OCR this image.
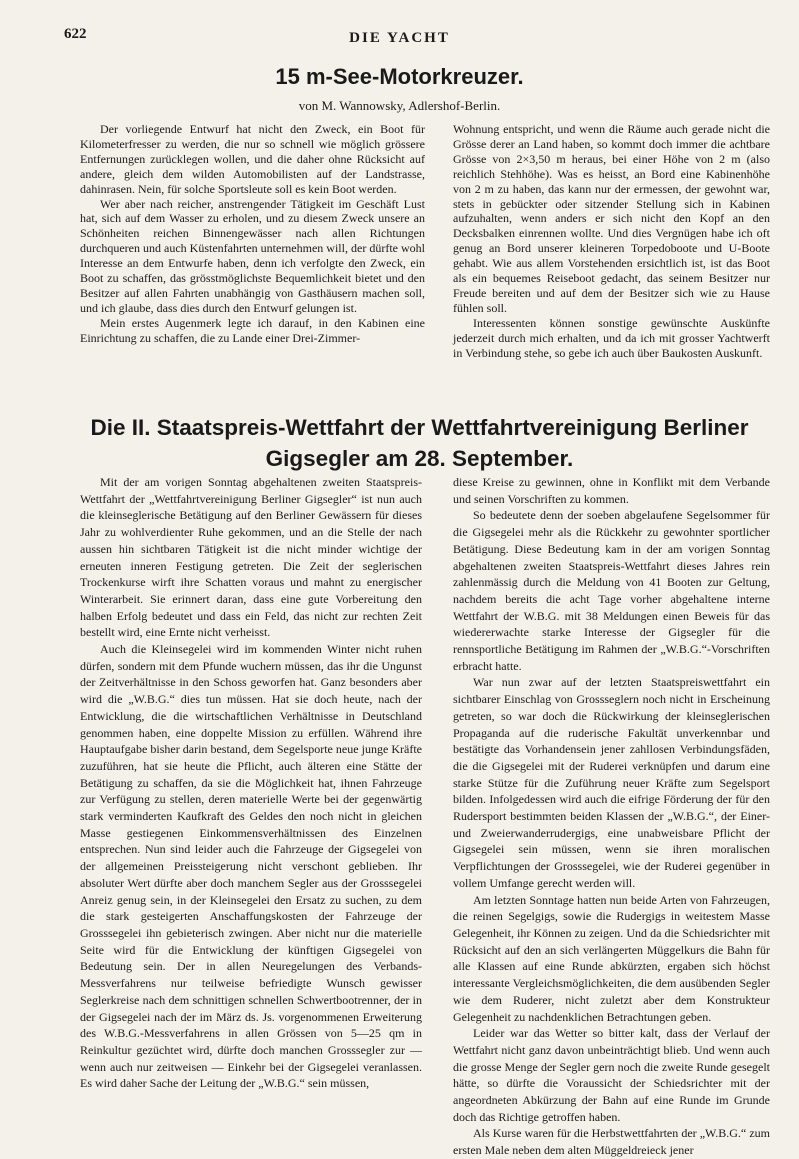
622	DIE YACHT
15 m-See-Motorkreuzer.
von M. Wannowsky, Adlershof-Berlin.

Der vorliegende Entwurf hat nicht den Zweck, ein Boot für Kilometerfresser zu werden, die nur so schnell wie möglich grössere Entfernungen zurücklegen wollen, und die daher ohne Rücksicht auf andere, gleich dem wilden Automobilisten auf der Landstrasse, dahinrasen. Nein, für solche Sportsleute soll es kein Boot werden.

Wer aber nach reicher, anstrengender Tätigkeit im Geschäft Lust hat, sich auf dem Wasser zu erholen, und zu diesem Zweck unsere an Schönheiten reichen Binnengewässer nach allen Richtungen durchqueren und auch Küstenfahrten unternehmen will, der dürfte wohl Interesse an dem Entwurfe haben, denn ich verfolgte den Zweck, ein Boot zu schaffen, das grösstmöglichste Bequemlichkeit bietet und den Besitzer auf allen Fahrten unabhängig von Gasthäusern machen soll, und ich glaube, dass dies durch den Entwurf gelungen ist.

Mein erstes Augenmerk legte ich darauf, in den Kabinen eine Einrichtung zu schaffen, die zu Lande einer Drei-Zimmer-

Wohnung entspricht, und wenn die Räume auch gerade nicht die Grösse derer an Land haben, so kommt doch immer die achtbare Grösse von 2×3,50 m heraus, bei einer Höhe von 2 m (also reichlich Stehhöhe). Was es heisst, an Bord eine Kabinenhöhe von 2 m zu haben, das kann nur der ermessen, der gewohnt war, stets in gebückter oder sitzender Stellung sich in Kabinen aufzuhalten, wenn anders er sich nicht den Kopf an den Decksbalken einrennen wollte. Und dies Vergnügen habe ich oft genug an Bord unserer kleineren Torpedoboote und U-Boote gehabt. Wie aus allem Vorstehenden ersichtlich ist, ist das Boot als ein bequemes Reiseboot gedacht, das seinem Besitzer nur Freude bereiten und auf dem der Besitzer sich wie zu Hause fühlen soll.

Interessenten können sonstige gewünschte Auskünfte jederzeit durch mich erhalten, und da ich mit grosser Yachtwerft in Verbindung stehe, so gebe ich auch über Baukosten Auskunft.

Die II. Staatspreis-Wettfahrt der Wettfahrtvereinigung Berliner Gigsegler am 28. September.

Mit der am vorigen Sonntag abgehaltenen zweiten Staatspreis-Wettfahrt der „Wettfahrtvereinigung Berliner Gigsegler“ ist nun auch die kleinseglerische Betätigung auf den Berliner Gewässern für dieses Jahr zu wohlverdienter Ruhe gekommen, und an die Stelle der nach aussen hin sichtbaren Tätigkeit ist die nicht minder wichtige der erneuten inneren Festigung getreten. Die Zeit der seglerischen Trockenkurse wirft ihre Schatten voraus und mahnt zu energischer Winterarbeit. Sie erinnert daran, dass eine gute Vorbereitung den halben Erfolg bedeutet und dass ein Feld, das nicht zur rechten Zeit bestellt wird, eine Ernte nicht verheisst.

Auch die Kleinsegelei wird im kommenden Winter nicht ruhen dürfen, sondern mit dem Pfunde wuchern müssen, das ihr die Ungunst der Zeitverhältnisse in den Schoss geworfen hat. Ganz besonders aber wird die „W.B.G.“ dies tun müssen. Hat sie doch heute, nach der Entwicklung, die die wirtschaftlichen Verhältnisse in Deutschland genommen haben, eine doppelte Mission zu erfüllen. Während ihre Hauptaufgabe bisher darin bestand, dem Segelsporte neue junge Kräfte zuzuführen, hat sie heute die Pflicht, auch älteren eine Stätte der Betätigung zu schaffen, da sie die Möglichkeit hat, ihnen Fahrzeuge zur Verfügung zu stellen, deren materielle Werte bei der gegenwärtig stark verminderten Kaufkraft des Geldes den noch nicht in gleichen Masse gestiegenen Einkommensverhältnissen des Einzelnen entsprechen. Nun sind leider auch die Fahrzeuge der Gigsegelei von der allgemeinen Preissteigerung nicht verschont geblieben. Ihr absoluter Wert dürfte aber doch manchem Segler aus der Grosssegelei Anreiz genug sein, in der Kleinsegelei den Ersatz zu suchen, zu dem die stark gesteigerten Anschaffungskosten der Fahrzeuge der Grosssegelei ihn gebieterisch zwingen. Aber nicht nur die materielle Seite wird für die Entwicklung der künftigen Gigsegelei von Bedeutung sein. Der in allen Neuregelungen des Verbands-Messverfahrens nur teilweise befriedigte Wunsch gewisser Seglerkreise nach dem schnittigen schnellen Schwertbootrenner, der in der Gigsegelei nach der im März ds. Js. vorgenommenen Erweiterung des W.B.G.-Messverfahrens in allen Grössen von 5—25 qm in Reinkultur gezüchtet wird, dürfte doch manchen Grosssegler zur — wenn auch nur zeitweisen — Einkehr bei der Gigsegelei veranlassen. Es wird daher Sache der Leitung der „W.B.G.“ sein müssen,

diese Kreise zu gewinnen, ohne in Konflikt mit dem Verbande und seinen Vorschriften zu kommen.

So bedeutete denn der soeben abgelaufene Segelsommer für die Gigsegelei mehr als die Rückkehr zu gewohnter sportlicher Betätigung. Diese Bedeutung kam in der am vorigen Sonntag abgehaltenen zweiten Staatspreis-Wettfahrt dieses Jahres rein zahlenmässig durch die Meldung von 41 Booten zur Geltung, nachdem bereits die acht Tage vorher abgehaltene interne Wettfahrt der W.B.G. mit 38 Meldungen einen Beweis für das wiedererwachte starke Interesse der Gigsegler für die rennsportliche Betätigung im Rahmen der „W.B.G.“-Vorschriften erbracht hatte.

War nun zwar auf der letzten Staatspreiswettfahrt ein sichtbarer Einschlag von Grossseglern noch nicht in Erscheinung getreten, so war doch die Rückwirkung der kleinseglerischen Propaganda auf die ruderische Fakultät unverkennbar und bestätigte das Vorhandensein jener zahllosen Verbindungsfäden, die die Gigsegelei mit der Ruderei verknüpfen und darum eine starke Stütze für die Zuführung neuer Kräfte zum Segelsport bilden. Infolgedessen wird auch die eifrige Förderung der für den Rudersport bestimmten beiden Klassen der „W.B.G.“, der Einer- und Zweierwanderrudergigs, eine unabweisbare Pflicht der Gigsegelei sein müssen, wenn sie ihren moralischen Verpflichtungen der Grosssegelei, wie der Ruderei gegenüber in vollem Umfange gerecht werden will.

Am letzten Sonntage hatten nun beide Arten von Fahrzeugen, die reinen Segelgigs, sowie die Rudergigs in weitestem Masse Gelegenheit, ihr Können zu zeigen. Und da die Schiedsrichter mit Rücksicht auf den an sich verlängerten Müggelkurs die Bahn für alle Klassen auf eine Runde abkürzten, ergaben sich höchst interessante Vergleichsmöglichkeiten, die dem ausübenden Segler wie dem Ruderer, nicht zuletzt aber dem Konstrukteur Gelegenheit zu nachdenklichen Betrachtungen geben.

Leider war das Wetter so bitter kalt, dass der Verlauf der Wettfahrt nicht ganz davon unbeinträchtigt blieb. Und wenn auch die grosse Menge der Segler gern noch die zweite Runde gesegelt hätte, so dürfte die Voraussicht der Schiedsrichter mit der angeordneten Abkürzung der Bahn auf eine Runde im Grunde doch das Richtige getroffen haben.

Als Kurse waren für die Herbstwettfahrten der „W.B.G.“ zum ersten Male neben dem alten Müggeldreieck jener
